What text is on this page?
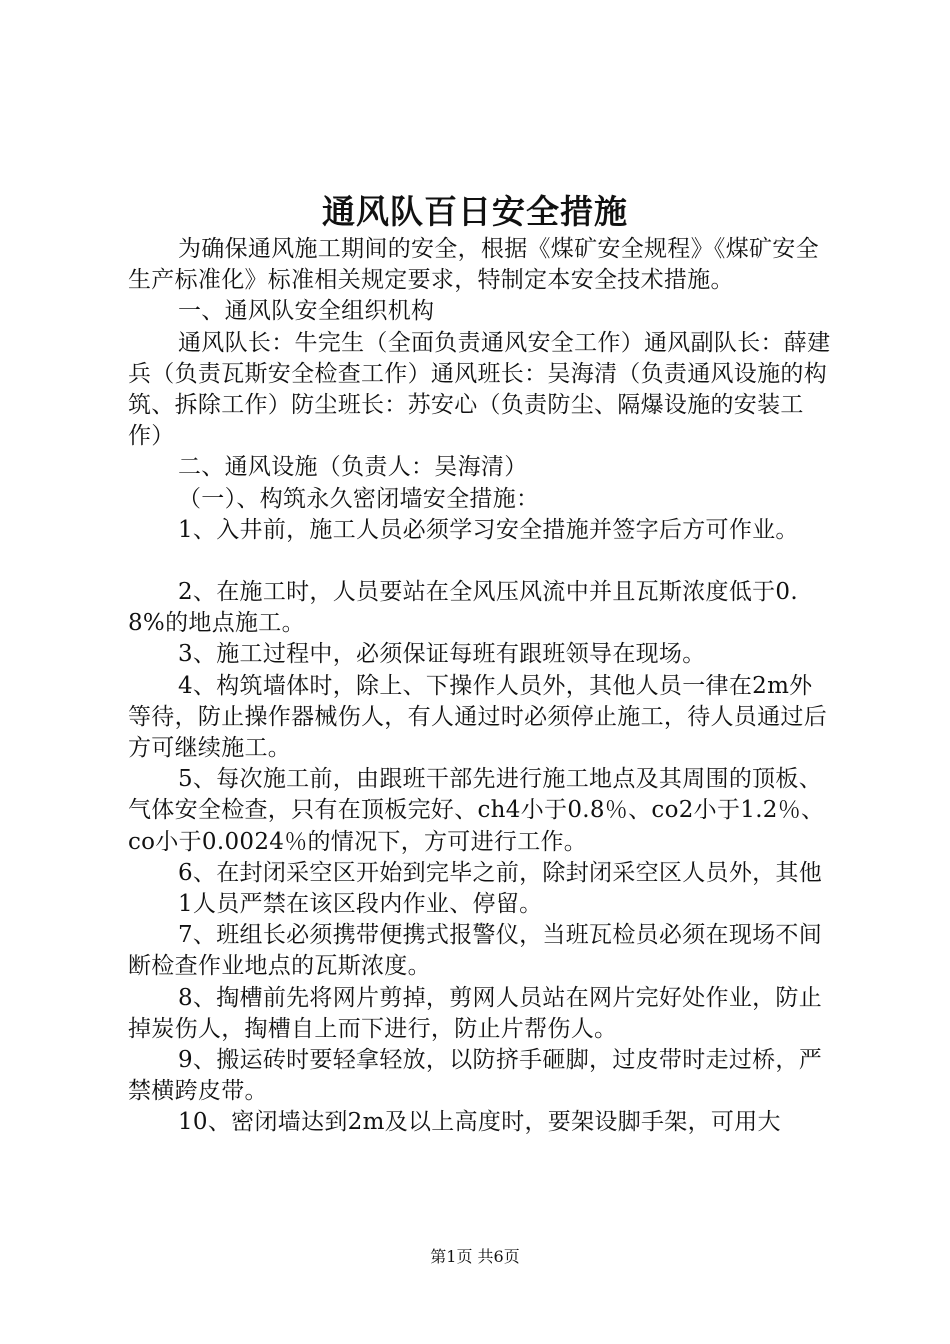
通风队百日安全措施

为确保通风施工期间的安全，根据《煤矿安全规程》《煤矿安全生产标准化》标准相关规定要求，特制定本安全技术措施。

一、通风队安全组织机构

通风队长：牛完生（全面负责通风安全工作）通风副队长：薛建兵（负责瓦斯安全检查工作）通风班长：吴海清（负责通风设施的构筑、拆除工作）防尘班长：苏安心（负责防尘、隔爆设施的安装工作）

二、通风设施（负责人：吴海清）

（一）、构筑永久密闭墙安全措施：

1、入井前，施工人员必须学习安全措施并签字后方可作业。

2、在施工时，人员要站在全风压风流中并且瓦斯浓度低于0.8%的地点施工。

3、施工过程中，必须保证每班有跟班领导在现场。

4、构筑墙体时，除上、下操作人员外，其他人员一律在2m外等待，防止操作器械伤人，有人通过时必须停止施工，待人员通过后方可继续施工。

5、每次施工前，由跟班干部先进行施工地点及其周围的顶板、气体安全检查，只有在顶板完好、ch4小于0.8％、co2小于1.2％、co小于0.0024％的情况下，方可进行工作。

6、在封闭采空区开始到完毕之前，除封闭采空区人员外，其他

1人员严禁在该区段内作业、停留。

7、班组长必须携带便携式报警仪，当班瓦检员必须在现场不间断检查作业地点的瓦斯浓度。

8、掏槽前先将网片剪掉，剪网人员站在网片完好处作业，防止掉炭伤人，掏槽自上而下进行，防止片帮伤人。

9、搬运砖时要轻拿轻放，以防挤手砸脚，过皮带时走过桥，严禁横跨皮带。

10、密闭墙达到2m及以上高度时，要架设脚手架，可用大

第1页 共6页
